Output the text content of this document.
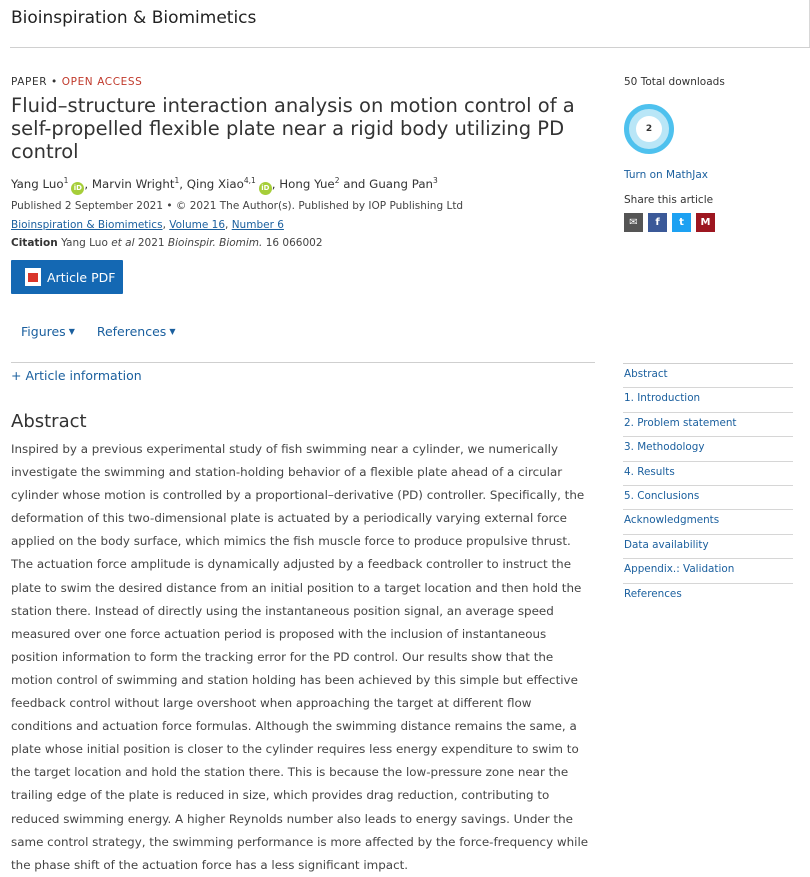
Bioinspiration & Biomimetics
PAPER • OPEN ACCESS
Fluid–structure interaction analysis on motion control of a self-propelled flexible plate near a rigid body utilizing PD control
Yang Luo$^1$iD , Marvin Wright$^1$, Qing Xiao$^{4,1}$iD , Hong Yue$^2$ and Guang Pan$^3$
Published 2 September 2021 • © 2021 The Author(s). Published by IOP Publishing Ltd
Bioinspiration & Biomimetics, Volume 16, Number 6
Citation Yang Luo et al 2021 Bioinspir. Biomim. 16 066002
Article PDF
Figures ▼ References ▼
+ Article information
Abstract

Inspired by a previous experimental study of fish swimming near a cylinder, we numerically investigate the swimming and station-holding behavior of a flexible plate ahead of a circular cylinder whose motion is controlled by a proportional–derivative (PD) controller. Specifically, the deformation of this two-dimensional plate is actuated by a periodically varying external force applied on the body surface, which mimics the fish muscle force to produce propulsive thrust. The actuation force amplitude is dynamically adjusted by a feedback controller to instruct the plate to swim the desired distance from an initial position to a target location and then hold the station there. Instead of directly using the instantaneous position signal, an average speed measured over one force actuation period is proposed with the inclusion of instantaneous position information to form the tracking error for the PD control. Our results show that the motion control of swimming and station holding has been achieved by this simple but effective feedback control without large overshoot when approaching the target at different flow conditions and actuation force formulas. Although the swimming distance remains the same, a plate whose initial position is closer to the cylinder requires less energy expenditure to swim to the target location and hold the station there. This is because the low-pressure zone near the trailing edge of the plate is reduced in size, which provides drag reduction, contributing to reduced swimming energy. A higher Reynolds number also leads to energy savings. Under the same control strategy, the swimming performance is more affected by the force-frequency while the phase shift of the actuation force has a less significant impact.

50 Total downloads
2
Turn on MathJax
Share this article
✉	f	t	M
Abstract
1. Introduction
2. Problem statement
3. Methodology
4. Results
5. Conclusions
Acknowledgments
Data availability
Appendix.: Validation
References
